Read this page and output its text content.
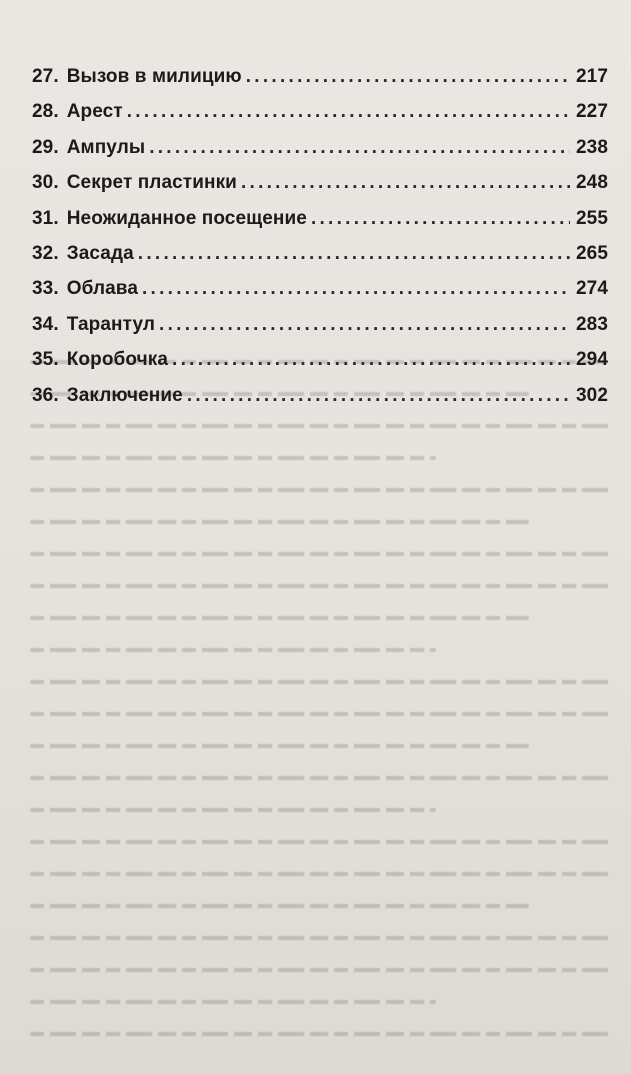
27. Вызов в милицию . . .	217
28. Арест . . .	227
29. Ампулы . . .	238
30. Секрет пластинки . . .	248
31. Неожиданное посещение . . .	255
32. Засада . . .	265
33. Облава . . .	274
34. Тарантул . . .	283
35. Коробочка . . .	294
36. Заключение . . .	302
